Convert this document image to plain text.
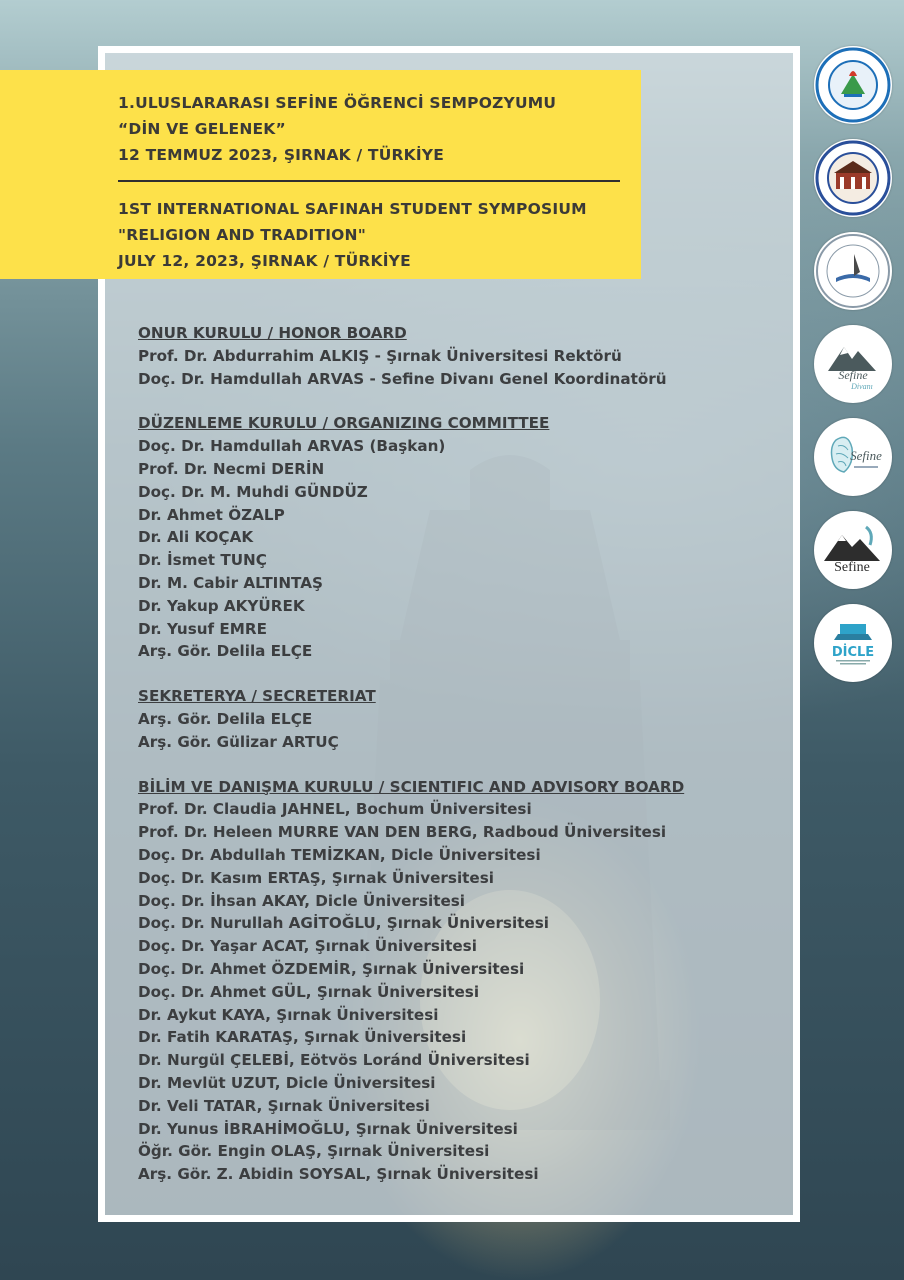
1.ULUSLARARASI SEFİNE ÖĞRENCİ SEMPOZYUMU
“DİN VE GELENEK”
12 TEMMUZ 2023, ŞIRNAK / TÜRKİYE
1ST INTERNATIONAL SAFINAH STUDENT SYMPOSIUM
"RELIGION AND TRADITION"
JULY 12, 2023, ŞIRNAK / TÜRKİYE
ONUR KURULU / HONOR BOARD
Prof. Dr. Abdurrahim ALKIŞ - Şırnak Üniversitesi Rektörü
Doç. Dr. Hamdullah ARVAS - Sefine Divanı Genel Koordinatörü
DÜZENLEME KURULU / ORGANIZING COMMITTEE
Doç. Dr. Hamdullah ARVAS (Başkan)
Prof. Dr. Necmi DERİN
Doç. Dr. M. Muhdi GÜNDÜZ
Dr. Ahmet ÖZALP
Dr. Ali KOÇAK
Dr. İsmet TUNÇ
Dr. M. Cabir ALTINTAŞ
Dr. Yakup AKYÜREK
Dr. Yusuf EMRE
Arş. Gör. Delila ELÇE
SEKRETERYA / SECRETERIAT
Arş. Gör. Delila ELÇE
Arş. Gör. Gülizar ARTUÇ
BİLİM VE DANIŞMA KURULU / SCIENTIFIC AND ADVISORY BOARD
Prof. Dr. Claudia JAHNEL, Bochum Üniversitesi
Prof. Dr. Heleen MURRE VAN DEN BERG, Radboud Üniversitesi
Doç. Dr. Abdullah TEMİZKAN, Dicle Üniversitesi
Doç. Dr. Kasım ERTAŞ, Şırnak Üniversitesi
Doç. Dr. İhsan AKAY, Dicle Üniversitesi
Doç. Dr. Nurullah AGİTOĞLU, Şırnak Üniversitesi
Doç. Dr. Yaşar ACAT, Şırnak Üniversitesi
Doç. Dr. Ahmet ÖZDEMİR, Şırnak Üniversitesi
Doç. Dr. Ahmet GÜL, Şırnak Üniversitesi
Dr. Aykut KAYA, Şırnak Üniversitesi
Dr. Fatih KARATAŞ, Şırnak Üniversitesi
Dr. Nurgül ÇELEBİ, Eötvös Loránd Üniversitesi
Dr. Mevlüt UZUT, Dicle Üniversitesi
Dr. Veli TATAR, Şırnak Üniversitesi
Dr. Yunus İBRAHİMOĞLU, Şırnak Üniversitesi
Öğr. Gör. Engin OLAŞ, Şırnak Üniversitesi
Arş. Gör. Z. Abidin SOYSAL, Şırnak Üniversitesi
Sefine
Divanı
Sefine
Sefine
DİCLE
